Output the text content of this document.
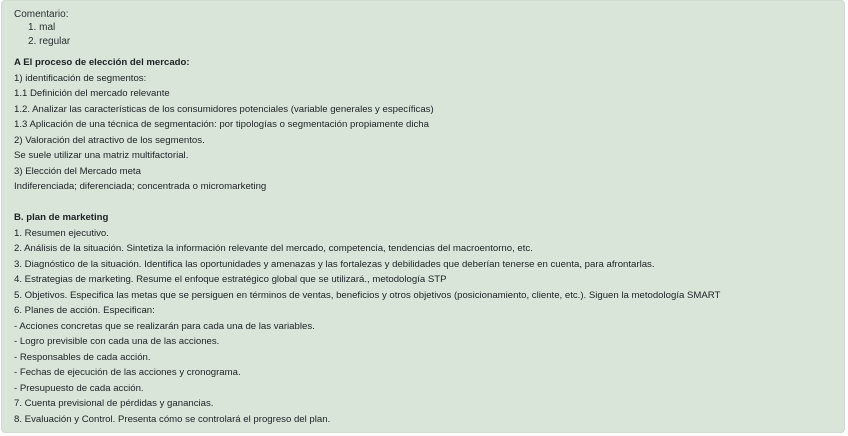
Comentario:
1. mal
2. regular
A El proceso de elección del mercado:
1) identificación de segmentos:
1.1 Definición del mercado relevante
1.2. Analizar las características de los consumidores potenciales (variable generales y específicas)
1.3 Aplicación de una técnica de segmentación: por tipologías o segmentación propiamente dicha
2) Valoración del atractivo de los segmentos.
Se suele utilizar una matriz multifactorial.
3) Elección del Mercado meta
Indiferenciada; diferenciada; concentrada o micromarketing
B. plan de marketing
1. Resumen ejecutivo.
2. Análisis de la situación. Sintetiza la información relevante del mercado, competencia, tendencias del macroentorno, etc.
3. Diagnóstico de la situación. Identifica las oportunidades y amenazas y las fortalezas y debilidades que deberían tenerse en cuenta, para afrontarlas.
4. Estrategias de marketing. Resume el enfoque estratégico global que se utilizará., metodología STP
5. Objetivos. Especifica las metas que se persiguen en términos de ventas, beneficios y otros objetivos (posicionamiento, cliente, etc.). Siguen la metodología SMART
6. Planes de acción. Especifican:
- Acciones concretas que se realizarán para cada una de las variables.
- Logro previsible con cada una de las acciones.
- Responsables de cada acción.
- Fechas de ejecución de las acciones y cronograma.
- Presupuesto de cada acción.
7. Cuenta previsional de pérdidas y ganancias.
8. Evaluación y Control. Presenta cómo se controlará el progreso del plan.
